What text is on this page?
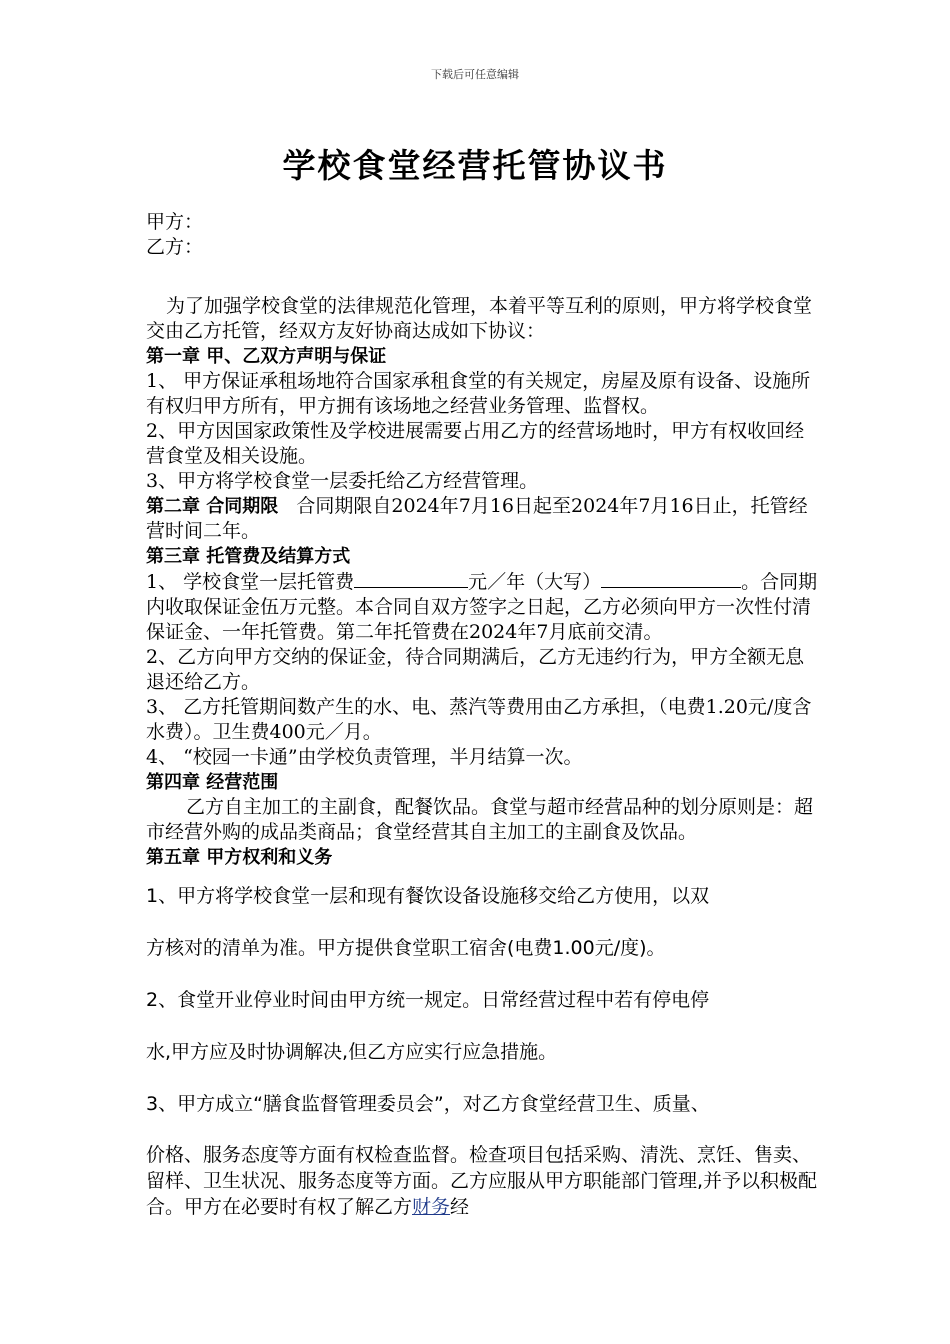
下载后可任意编辑
学校食堂经营托管协议书

甲方：

乙方：

为了加强学校食堂的法律规范化管理，本着平等互利的原则，甲方将学校食堂交由乙方托管，经双方友好协商达成如下协议：

第一章 甲、乙双方声明与保证

1、 甲方保证承租场地符合国家承租食堂的有关规定，房屋及原有设备、设施所有权归甲方所有，甲方拥有该场地之经营业务管理、监督权。

2、甲方因国家政策性及学校进展需要占用乙方的经营场地时，甲方有权收回经营食堂及相关设施。

3、甲方将学校食堂一层委托给乙方经营管理。

第二章 合同期限 合同期限自2024年7月16日起至2024年7月16日止，托管经营时间二年。

第三章 托管费及结算方式

1、 学校食堂一层托管费	元／年（大写）	。合同期内收取保证金伍万元整。本合同自双方签字之日起，乙方必须向甲方一次性付清保证金、一年托管费。第二年托管费在2024年7月底前交清。

2、乙方向甲方交纳的保证金，待合同期满后，乙方无违约行为，甲方全额无息退还给乙方。

3、 乙方托管期间数产生的水、电、蒸汽等费用由乙方承担，（电费1.20元/度含水费）。卫生费400元／月。

4、 “校园一卡通”由学校负责管理，半月结算一次。

第四章 经营范围

乙方自主加工的主副食，配餐饮品。食堂与超市经营品种的划分原则是：超市经营外购的成品类商品；食堂经营其自主加工的主副食及饮品。

第五章 甲方权利和义务

1、甲方将学校食堂一层和现有餐饮设备设施移交给乙方使用，以双

方核对的清单为准。甲方提供食堂职工宿舍(电费1.00元/度)。

2、食堂开业停业时间由甲方统一规定。日常经营过程中若有停电停

水,甲方应及时协调解决,但乙方应实行应急措施。

3、甲方成立“膳食监督管理委员会”，对乙方食堂经营卫生、质量、

价格、服务态度等方面有权检查监督。检查项目包括采购、清洗、烹饪、售卖、留样、卫生状况、服务态度等方面。乙方应服从甲方职能部门管理,并予以积极配合。甲方在必要时有权了解乙方财务经
